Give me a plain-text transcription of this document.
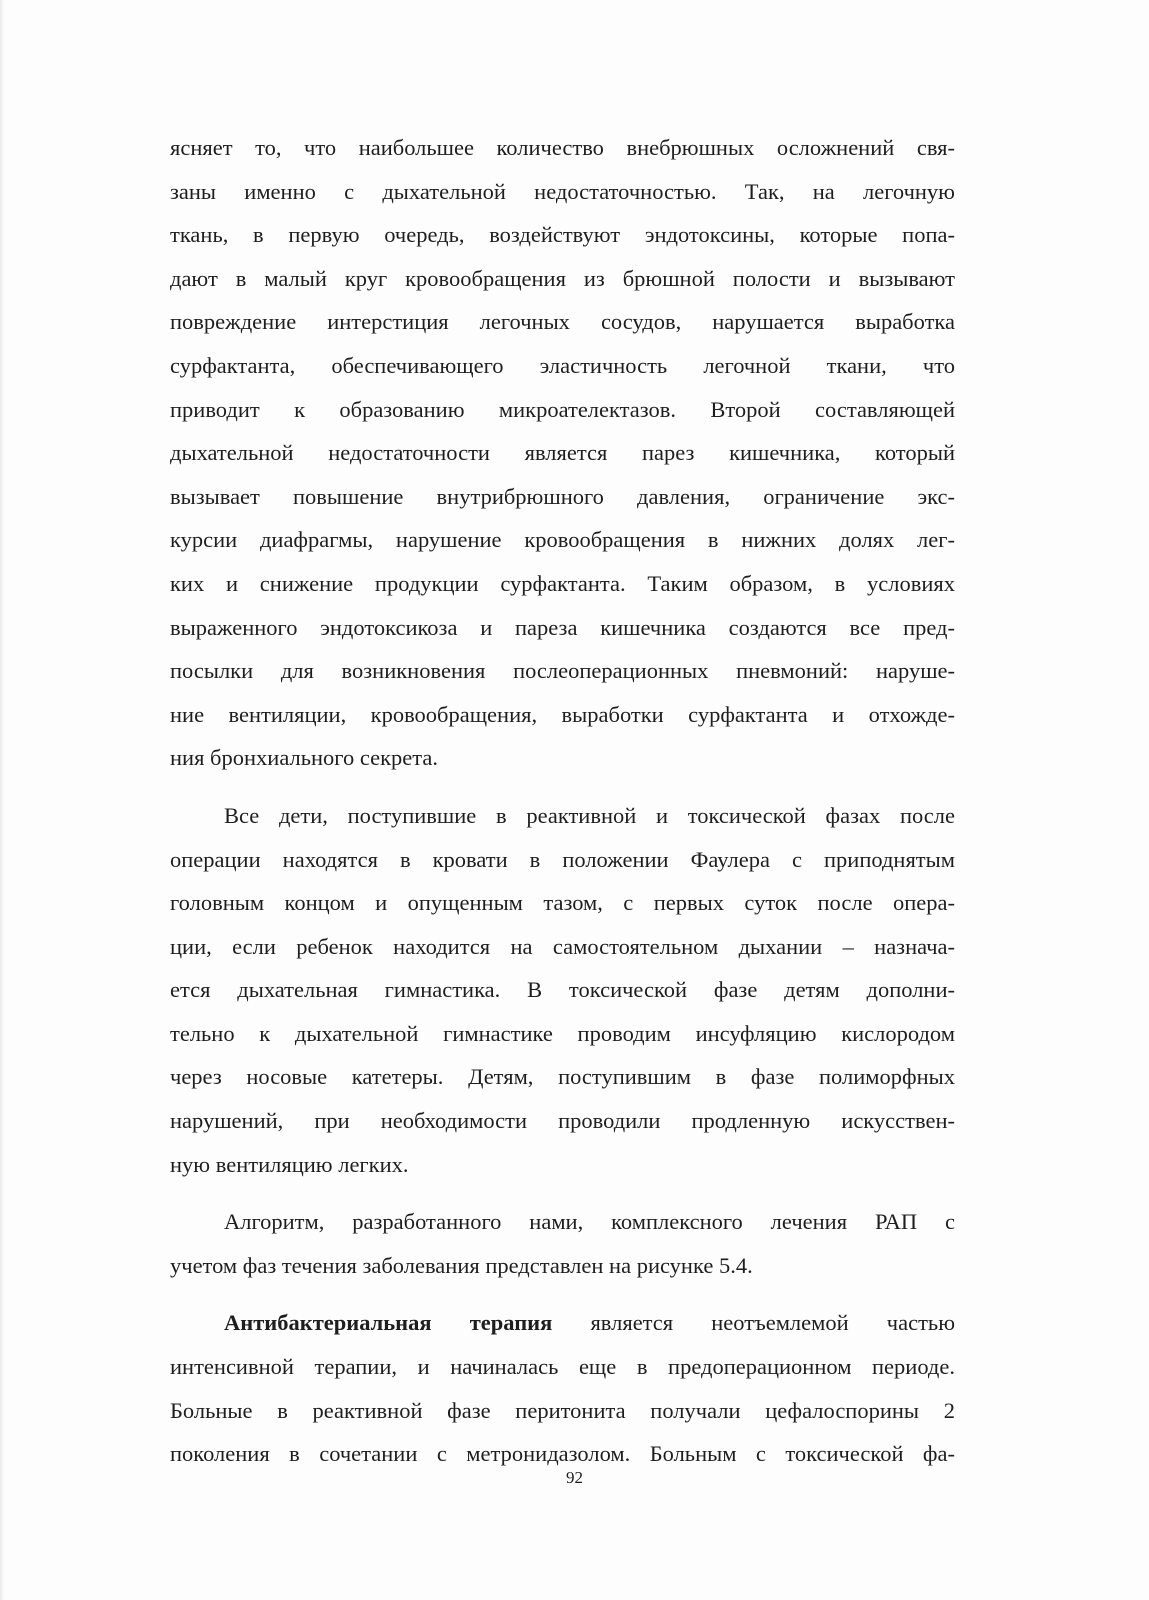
ясняет то, что наибольшее количество внебрюшных осложнений свя-
заны именно с дыхательной недостаточностью. Так, на легочную
ткань, в первую очередь, воздействуют эндотоксины, которые попа-
дают в малый круг кровообращения из брюшной полости и вызывают
повреждение интерстиция легочных сосудов, нарушается выработка
сурфактанта, обеспечивающего эластичность легочной ткани, что
приводит к образованию микроателектазов. Второй составляющей
дыхательной недостаточности является парез кишечника, который
вызывает повышение внутрибрюшного давления, ограничение экс-
курсии диафрагмы, нарушение кровообращения в нижних долях лег-
ких и снижение продукции сурфактанта. Таким образом, в условиях
выраженного эндотоксикоза и пареза кишечника создаются все пред-
посылки для возникновения послеоперационных пневмоний: наруше-
ние вентиляции, кровообращения, выработки сурфактанта и отхожде-
ния бронхиального секрета.
Все дети, поступившие в реактивной и токсической фазах после
операции находятся в кровати в положении Фаулера с приподнятым
головным концом и опущенным тазом, с первых суток после опера-
ции, если ребенок находится на самостоятельном дыхании – назнача-
ется дыхательная гимнастика. В токсической фазе детям дополни-
тельно к дыхательной гимнастике проводим инсуфляцию кислородом
через носовые катетеры. Детям, поступившим в фазе полиморфных
нарушений, при необходимости проводили продленную искусствен-
ную вентиляцию легких.
Алгоритм, разработанного нами, комплексного лечения РАП с
учетом фаз течения заболевания представлен на рисунке 5.4.
Антибактериальная терапия является неотъемлемой частью
интенсивной терапии, и начиналась еще в предоперационном периоде.
Больные в реактивной фазе перитонита получали цефалоспорины 2
поколения в сочетании с метронидазолом. Больным с токсической фа-
92
